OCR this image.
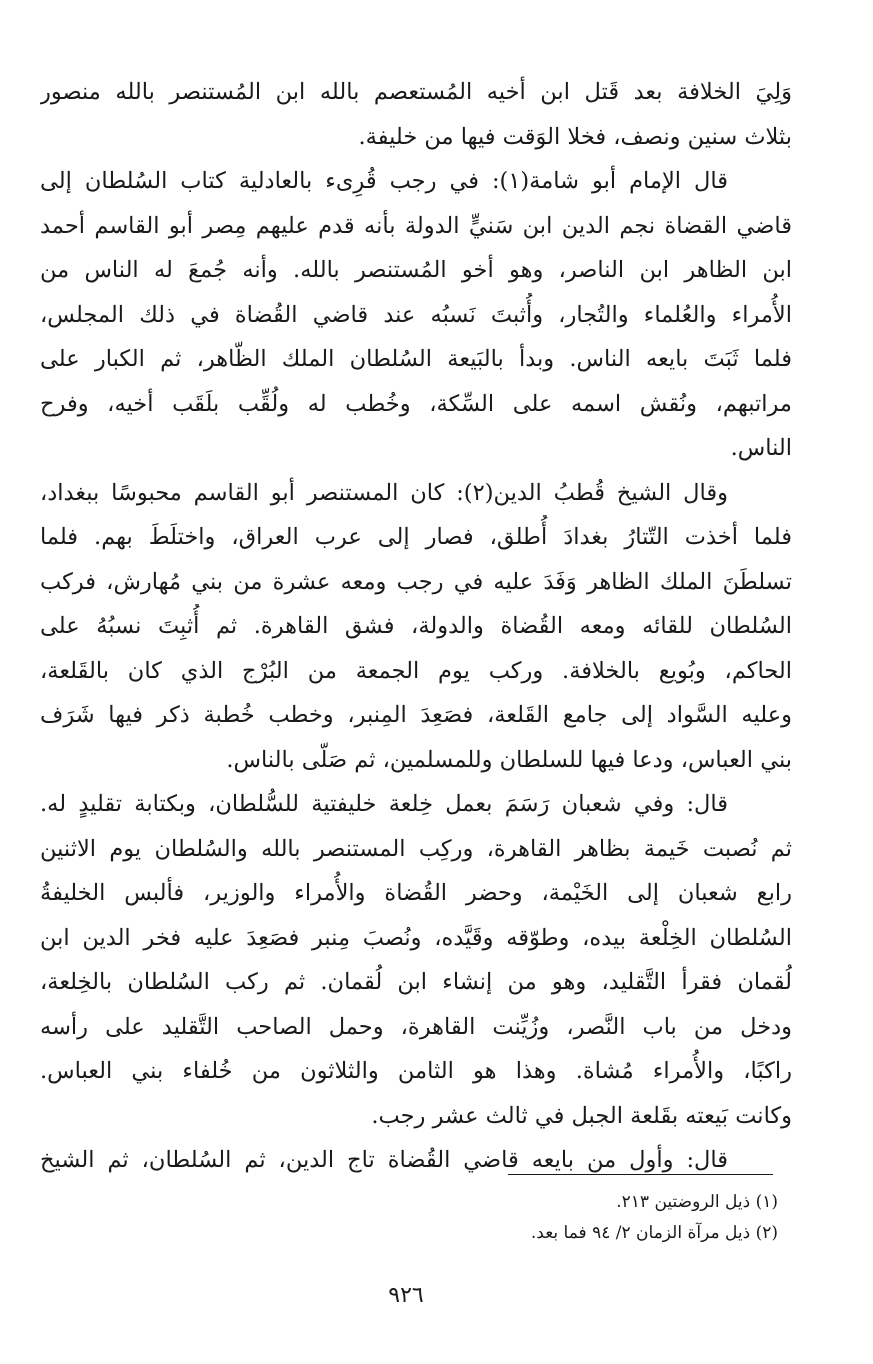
وَلِيَ الخلافة بعد قَتل ابن أخيه المُستعصم بالله ابن المُستنصر بالله منصور
بثلاث سنين ونصف، فخلا الوَقت فيها من خليفة.
قال الإمام أبو شامة(١): في رجب قُرِىء بالعادلية كتاب السُلطان إلى
قاضي القضاة نجم الدين ابن سَنيٍّ الدولة بأنه قدم عليهم مِصر أبو القاسم أحمد
ابن الظاهر ابن الناصر، وهو أخو المُستنصر بالله. وأنه جُمعَ له الناس من
الأُمراء والعُلماء والتُجار، وأُثبتَ نَسبُه عند قاضي القُضاة في ذلك المجلس،
فلما ثَبَتَ بايعه الناس. وبدأ بالبَيعة السُلطان الملك الظّاهر، ثم الكبار على
مراتبهم، ونُقش اسمه على السِّكة، وخُطب له ولُقِّب بلَقَب أخيه، وفرح
الناس.
وقال الشيخ قُطبُ الدين(٢): كان المستنصر أبو القاسم محبوسًا ببغداد،
فلما أخذت التّتارُ بغدادَ أُطلق، فصار إلى عرب العراق، واختلَطَ بهم. فلما
تسلطَنَ الملك الظاهر وَفَدَ عليه في رجب ومعه عشرة من بني مُهارش، فركب
السُلطان للقائه ومعه القُضاة والدولة، فشق القاهرة. ثم أُثبِتَ نسبُهُ على
الحاكم، وبُويع بالخلافة. وركب يوم الجمعة من البُرْج الذي كان بالقَلعة،
وعليه السَّواد إلى جامع القَلعة، فصَعِدَ المِنبر، وخطب خُطبة ذكر فيها شَرَف
بني العباس، ودعا فيها للسلطان وللمسلمين، ثم صَلّى بالناس.
قال: وفي شعبان رَسَمَ بعمل خِلعة خليفتية للسُّلطان، وبكتابة تقليدٍ له.
ثم نُصبت خَيمة بظاهر القاهرة، وركِب المستنصر بالله والسُلطان يوم الاثنين
رابع شعبان إلى الخَيْمة، وحضر القُضاة والأُمراء والوزير، فألبس الخليفةُ
السُلطان الخِلْعة بيده، وطوّقه وقَيَّده، ونُصبَ مِنبر فصَعِدَ عليه فخر الدين ابن
لُقمان فقرأ التَّقليد، وهو من إنشاء ابن لُقمان. ثم ركب السُلطان بالخِلعة،
ودخل من باب النَّصر، وزُيِّنت القاهرة، وحمل الصاحب التَّقليد على رأسه
راكبًا، والأُمراء مُشاة. وهذا هو الثامن والثلاثون من خُلفاء بني العباس.
وكانت بَيعته بقَلعة الجبل في ثالث عشر رجب.
قال: وأول من بايعه قاضي القُضاة تاج الدين، ثم السُلطان، ثم الشيخ
(١) ذيل الروضتين ٢١٣.
(٢) ذيل مرآة الزمان ٢/ ٩٤ فما بعد.
٩٢٦
